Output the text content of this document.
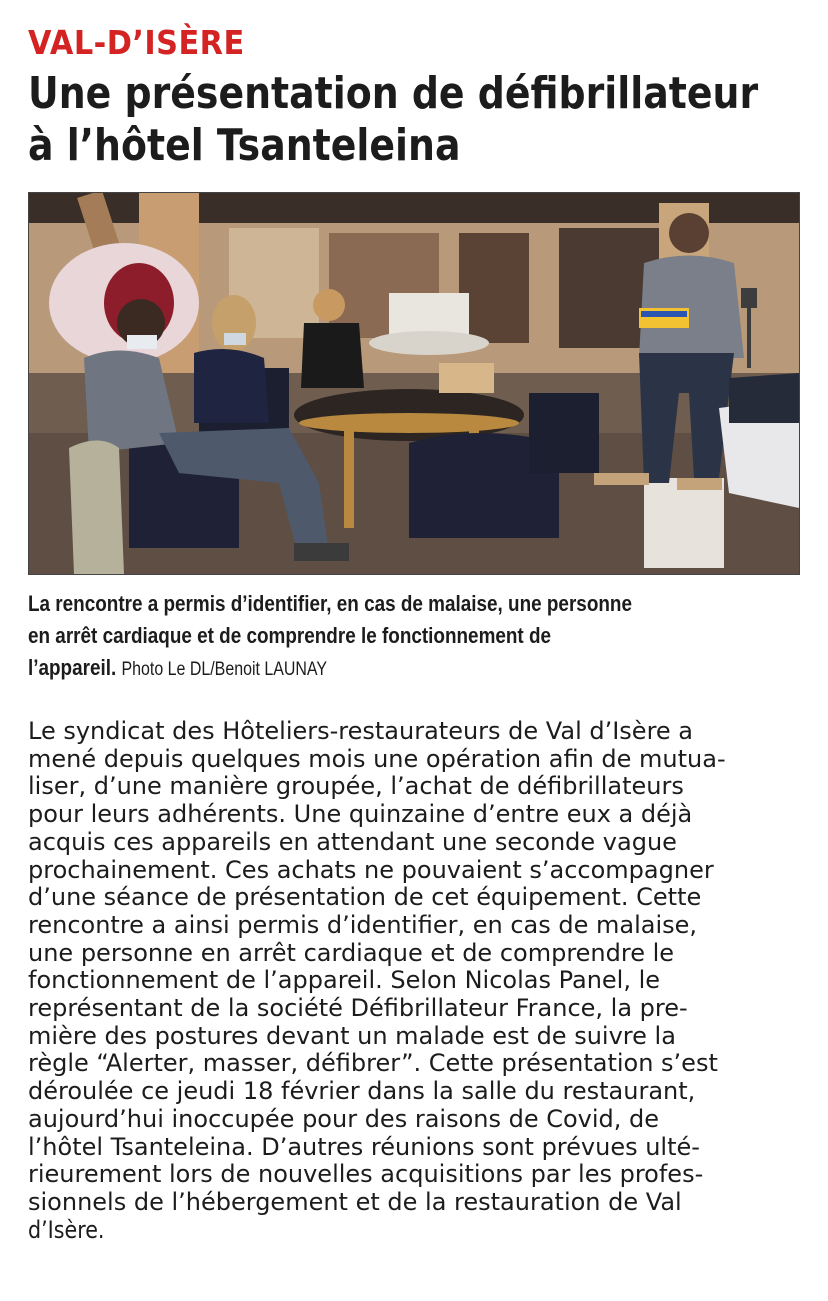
VAL-D’ISÈRE
Une présentation de défibrillateur
à l’hôtel Tsanteleina
La rencontre a permis d’identifier, en cas de malaise, une personne
en arrêt cardiaque et de comprendre le fonctionnement de
l’appareil. Photo Le DL/Benoit LAUNAY
Le syndicat des Hôteliers-restaurateurs de Val d’Isère a
mené depuis quelques mois une opération afin de mutua-
liser, d’une manière groupée, l’achat de défibrillateurs
pour leurs adhérents. Une quinzaine d’entre eux a déjà
acquis ces appareils en attendant une seconde vague
prochainement. Ces achats ne pouvaient s’accompagner
d’une séance de présentation de cet équipement. Cette
rencontre a ainsi permis d’identifier, en cas de malaise,
une personne en arrêt cardiaque et de comprendre le
fonctionnement de l’appareil. Selon Nicolas Panel, le
représentant de la société Défibrillateur France, la pre-
mière des postures devant un malade est de suivre la
règle “Alerter, masser, défibrer”. Cette présentation s’est
déroulée ce jeudi 18 février dans la salle du restaurant,
aujourd’hui inoccupée pour des raisons de Covid, de
l’hôtel Tsanteleina. D’autres réunions sont prévues ulté-
rieurement lors de nouvelles acquisitions par les profes-
sionnels de l’hébergement et de la restauration de Val
d’Isère.
